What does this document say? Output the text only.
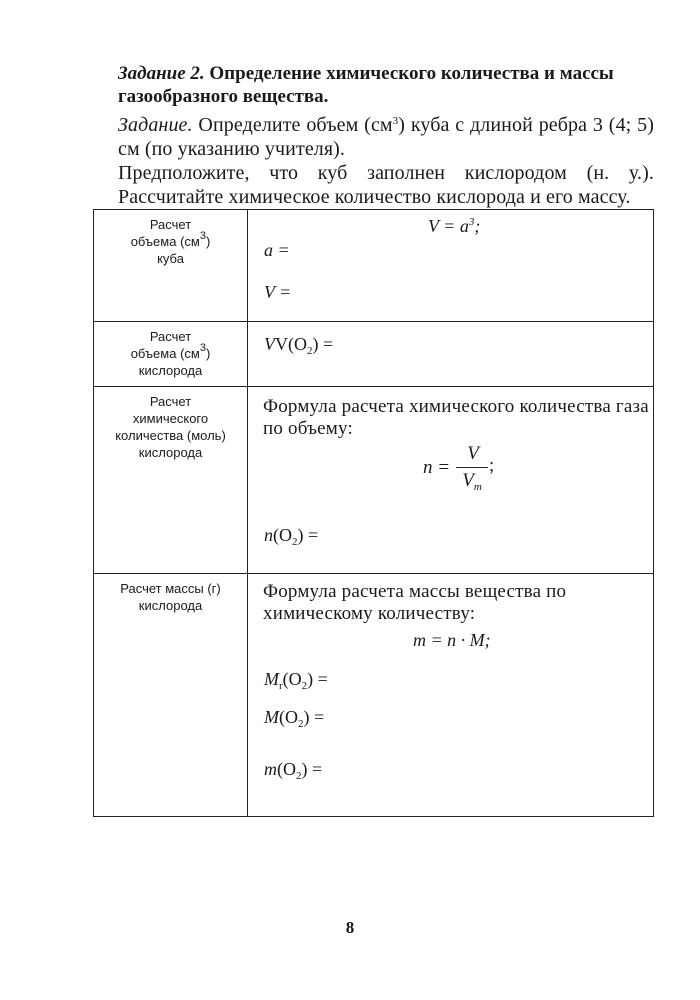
Задание 2. Определение химического количества и массы газообразного вещества.
Задание. Определите объем $(см^3)$ куба с длиной ребра 3 (4; 5) см (по указанию учителя).
Предположите, что куб заполнен кислородом (н. у.). Рассчитайте химическое количество кислорода и его массу.
Расчет
объема $(см^3)$
куба
$V = a^3$;
a =
V =
Расчет
объема $(см^3)$
кислорода
$VV(O_2)$ =
Расчет
химического
количества (моль)
кислорода
Формула расчета химического количества газа по объему:
n =
V
$V_m$
;
$n(O_2)$ =
Расчет массы (г)
кислорода
Формула расчета массы вещества по химическому количеству:
m = n · M;
$M_r(O_2)$ =
$M(O_2)$ =
$m(O_2)$ =
8
